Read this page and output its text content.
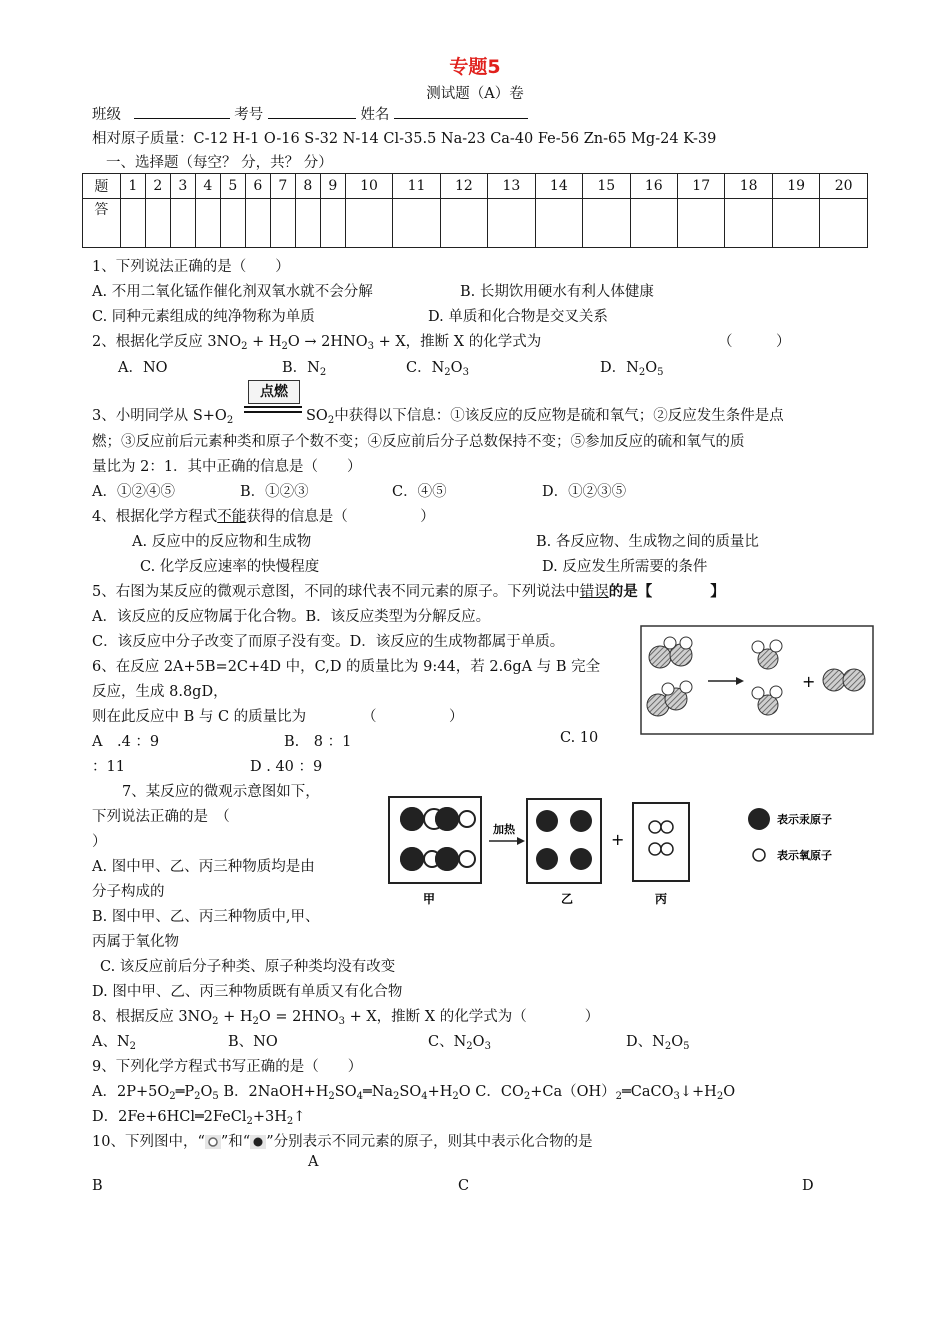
专题5
测试题（A）卷
班级	考号	姓名
相对原子质量：C-12 H-1 O-16 S-32 N-14 Cl-35.5 Na-23 Ca-40 Fe-56 Zn-65 Mg-24 K-39
一、选择题（每空？ 分，共？ 分）
题	1	2	3	4	5	6	7	8	9	10	11	12	13	14	15	16	17	18	19	20
答																				
1、下列说法正确的是（　　）
A. 不用二氧化锰作催化剂双氧水就不会分解	B. 长期饮用硬水有利人体健康
C. 同种元素组成的纯净物称为单质	D. 单质和化合物是交叉关系
2、根据化学反应 $3NO_2 + H_2O \to 2HNO_3 + X$，推断 X 的化学式为	（　　　）
A．NO	B．$N_2$	C．$N_2O_3$	D．$N_2O_5$
点燃
3、小明同学从 $S+O_2$	$SO_2$中获得以下信息：①该反应的反应物是硫和氧气；②反应发生条件是点
燃；③反应前后元素种类和原子个数不变；④反应前后分子总数保持不变；⑤参加反应的硫和氧气的质
量比为 2：1．其中正确的信息是（　　）
A．①②④⑤	B．①②③	C．④⑤	D．①②③⑤
4、根据化学方程式不能获得的信息是（　　　　　）
A. 反应中的反应物和生成物	B. 各反应物、生成物之间的质量比
C. 化学反应速率的快慢程度	D. 反应发生所需要的条件
5、右图为某反应的微观示意图，不同的球代表不同元素的原子。下列说法中错误的是【　　　　】
A．该反应的反应物属于化合物。B．该反应类型为分解反应。
C．该反应中分子改变了而原子没有变。D．该反应的生成物都属于单质。
+
6、在反应 2A+5B=2C+4D 中，C,D 的质量比为 9:44，若 2.6gA 与 B 完全
反应，生成 8.8gD，
则在此反应中 B 与 C 的质量比为	（　　　　　）
A　.4 ：9	B.　8 ：1	C. 10
：11	D . 40 ：9
7、某反应的微观示意图如下，
下列说法正确的是　（
）
A. 图中甲、乙、丙三种物质均是由
分子构成的
B. 图中甲、乙、丙三种物质中,甲、
丙属于氧化物
C. 该反应前后分子种类、原子种类均没有改变
D. 图中甲、乙、丙三种物质既有单质又有化合物
甲
加热
乙
+
丙
表示汞原子
表示氧原子
8、根据反应 $3NO_2 + H_2O = 2HNO_3 + X$，推断 X 的化学式为（　　　　）
A、$N_2$	B、NO	C、$N_2O_3$	D、$N_2O_5$
9、下列化学方程式书写正确的是（　　）
A．$2P+5O_2═P_2O_5$ B．$2NaOH+H_2SO_4═Na_2SO_4+H_2O$ C．$CO_2+Ca(OH)_2═CaCO_3↓+H_2O$
D．$2Fe+6HCl═2FeCl_2+3H_2↑$
10、下列图中，“ ”和“ ”分别表示不同元素的原子，则其中表示化合物的是
A
B	C	D
